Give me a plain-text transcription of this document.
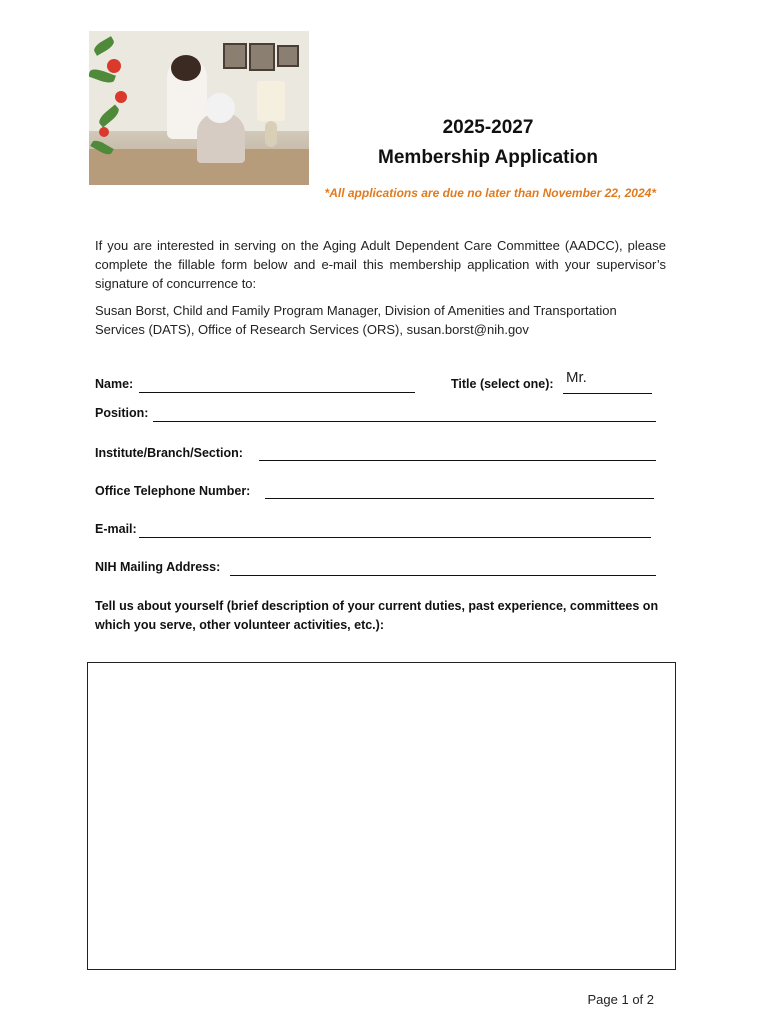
2025-2027
Membership Application
*All applications are due no later than November 22, 2024*
If you are interested in serving on the Aging Adult Dependent Care Committee (AADCC), please complete the fillable form below and e-mail this membership application with your supervisor’s signature of concurrence to:
Susan Borst, Child and Family Program Manager, Division of Amenities and Transportation Services (DATS), Office of Research Services (ORS), susan.borst@nih.gov
Name:	Title (select one): Mr.
Position:
Institute/Branch/Section:
Office Telephone Number:
E-mail:
NIH Mailing Address:
Tell us about yourself (brief description of your current duties, past experience, committees on which you serve, other volunteer activities, etc.):
Page 1 of 2
